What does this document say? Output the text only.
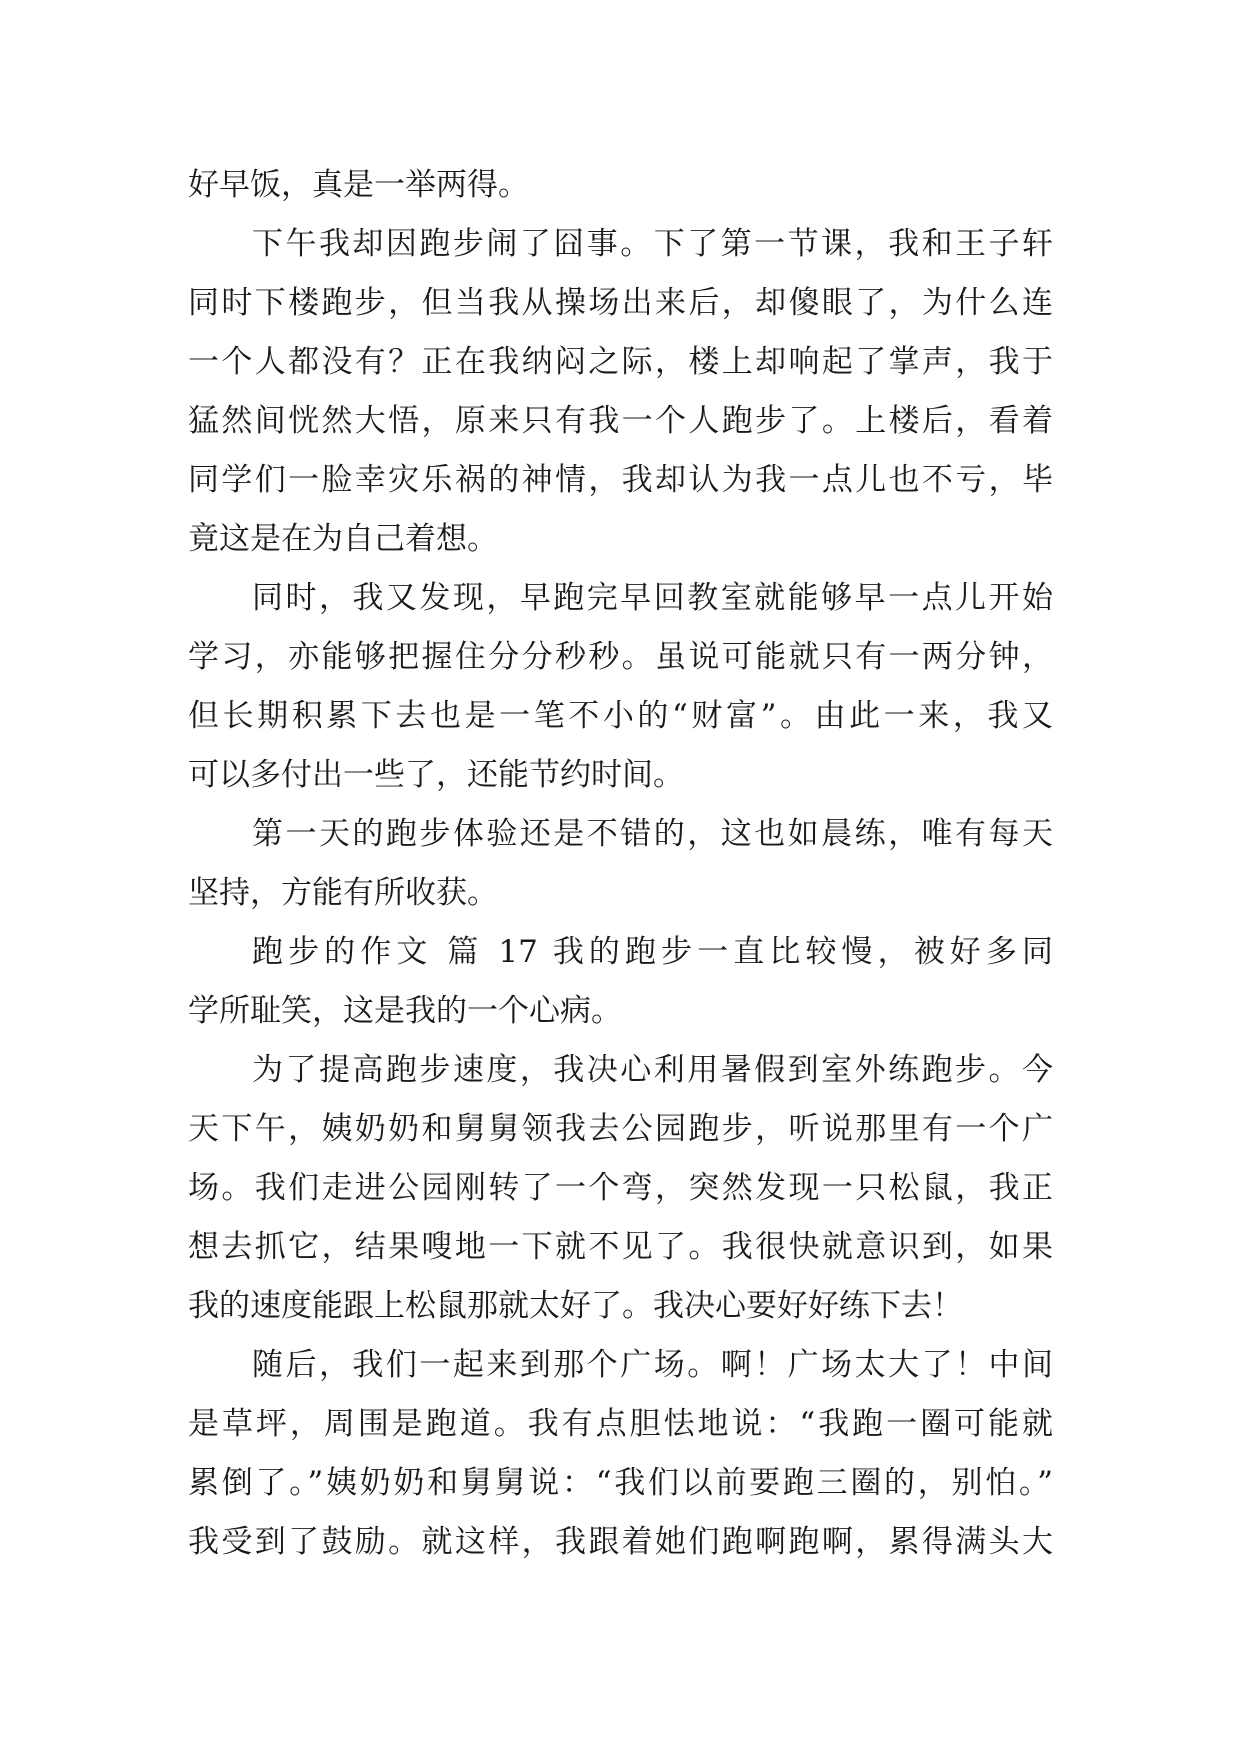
好早饭，真是一举两得。
下午我却因跑步闹了囧事。下了第一节课，我和王子轩
同时下楼跑步，但当我从操场出来后，却傻眼了，为什么连
一个人都没有？正在我纳闷之际，楼上却响起了掌声，我于
猛然间恍然大悟，原来只有我一个人跑步了。上楼后，看着
同学们一脸幸灾乐祸的神情，我却认为我一点儿也不亏，毕
竟这是在为自己着想。
同时，我又发现，早跑完早回教室就能够早一点儿开始
学习，亦能够把握住分分秒秒。虽说可能就只有一两分钟，
但长期积累下去也是一笔不小的“财富”。由此一来，我又
可以多付出一些了，还能节约时间。
第一天的跑步体验还是不错的，这也如晨练，唯有每天
坚持，方能有所收获。
跑步的作文 篇 17 我的跑步一直比较慢，被好多同
学所耻笑，这是我的一个心病。
为了提高跑步速度，我决心利用暑假到室外练跑步。今
天下午，姨奶奶和舅舅领我去公园跑步，听说那里有一个广
场。我们走进公园刚转了一个弯，突然发现一只松鼠，我正
想去抓它，结果嗖地一下就不见了。我很快就意识到，如果
我的速度能跟上松鼠那就太好了。我决心要好好练下去！
随后，我们一起来到那个广场。啊！广场太大了！中间
是草坪，周围是跑道。我有点胆怯地说：“我跑一圈可能就
累倒了。”姨奶奶和舅舅说：“我们以前要跑三圈的，别怕。”
我受到了鼓励。就这样，我跟着她们跑啊跑啊，累得满头大
